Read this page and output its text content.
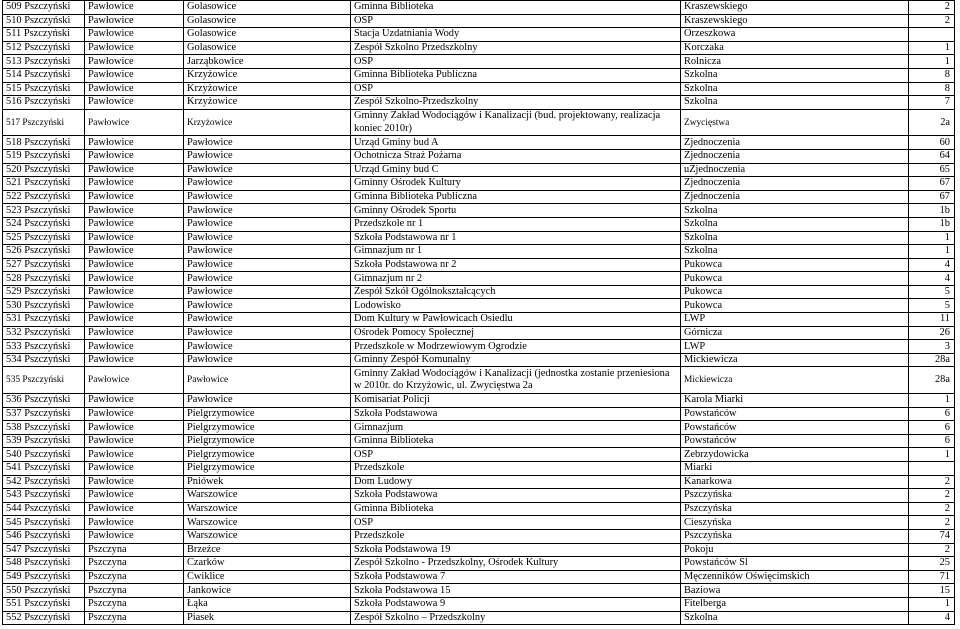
509 Pszczyński	Pawłowice	Golasowice	Gminna Biblioteka	Kraszewskiego	2
510 Pszczyński	Pawłowice	Golasowice	OSP	Kraszewskiego	2
511 Pszczyński	Pawłowice	Golasowice	Stacja Uzdatniania Wody	Orzeszkowa	
512 Pszczyński	Pawłowice	Golasowice	Zespół Szkolno Przedszkolny	Korczaka	1
513 Pszczyński	Pawłowice	Jarząbkowice	OSP	Rolnicza	1
514 Pszczyński	Pawłowice	Krzyżowice	Gminna Biblioteka Publiczna	Szkolna	8
515 Pszczyński	Pawłowice	Krzyżowice	OSP	Szkolna	8
516 Pszczyński	Pawłowice	Krzyżowice	Zespół Szkolno-Przedszkolny	Szkolna	7
517 Pszczyński	Pawłowice	Krzyżowice	Gminny Zakład Wodociągów i Kanalizacji (bud. projektowany, realizacja koniec 2010r)	Zwycięstwa	2a
518 Pszczyński	Pawłowice	Pawłowice	Urząd Gminy bud A	Zjednoczenia	60
519 Pszczyński	Pawłowice	Pawłowice	Ochotnicza Straż Pożarna	Zjednoczenia	64
520 Pszczyński	Pawłowice	Pawłowice	Urząd Gminy bud C	uZjednoczenia	65
521 Pszczyński	Pawłowice	Pawłowice	Gminny Ośrodek Kultury	Zjednoczenia	67
522 Pszczyński	Pawłowice	Pawłowice	Gminna Biblioteka Publiczna	Zjednoczenia	67
523 Pszczyński	Pawłowice	Pawłowice	Gminny Ośrodek Sportu	Szkolna	1b
524 Pszczyński	Pawłowice	Pawłowice	Przedszkole nr 1	Szkolna	1b
525 Pszczyński	Pawłowice	Pawłowice	Szkoła Podstawowa nr 1	Szkolna	1
526 Pszczyński	Pawłowice	Pawłowice	Gimnazjum nr 1	Szkolna	1
527 Pszczyński	Pawłowice	Pawłowice	Szkoła Podstawowa nr 2	Pukowca	4
528 Pszczyński	Pawłowice	Pawłowice	Gimnazjum nr 2	Pukowca	4
529 Pszczyński	Pawłowice	Pawłowice	Zespół Szkół Ogólnokształcących	Pukowca	5
530 Pszczyński	Pawłowice	Pawłowice	Lodowisko	Pukowca	5
531 Pszczyński	Pawłowice	Pawłowice	Dom Kultury w Pawłowicach Osiedlu	LWP	11
532 Pszczyński	Pawłowice	Pawłowice	Ośrodek Pomocy Społecznej	Górnicza	26
533 Pszczyński	Pawłowice	Pawłowice	Przedszkole w Modrzewiowym Ogrodzie	LWP	3
534 Pszczyński	Pawłowice	Pawłowice	Gminny Zespół Komunalny	Mickiewicza	28a
535 Pszczyński	Pawłowice	Pawłowice	Gminny Zakład Wodociągów i Kanalizacji (jednostka zostanie przeniesiona w 2010r. do Krzyżowic, ul. Zwycięstwa 2a	Mickiewicza	28a
536 Pszczyński	Pawłowice	Pawłowice	Komisariat Policji	Karola Miarki	1
537 Pszczyński	Pawłowice	Pielgrzymowice	Szkoła Podstawowa	Powstańców	6
538 Pszczyński	Pawłowice	Pielgrzymowice	Gimnazjum	Powstańców	6
539 Pszczyński	Pawłowice	Pielgrzymowice	Gminna Biblioteka	Powstańców	6
540 Pszczyński	Pawłowice	Pielgrzymowice	OSP	Zebrzydowicka	1
541 Pszczyński	Pawłowice	Pielgrzymowice	Przedszkole	Miarki	
542 Pszczyński	Pawłowice	Pniówek	Dom Ludowy	Kanarkowa	2
543 Pszczyński	Pawłowice	Warszowice	Szkoła Podstawowa	Pszczyńska	2
544 Pszczyński	Pawłowice	Warszowice	Gminna Biblioteka	Pszczyńska	2
545 Pszczyński	Pawłowice	Warszowice	OSP	Cieszyńska	2
546 Pszczyński	Pawłowice	Warszowice	Przedszkole	Pszczyńska	74
547 Pszczyński	Pszczyna	Brzeźce	Szkoła Podstawowa 19	Pokoju	2
548 Pszczyński	Pszczyna	Czarków	Zespół Szkolno - Przedszkolny, Ośrodek Kultury	Powstańców Śl	25
549 Pszczyński	Pszczyna	Ćwiklice	Szkoła Podstawowa 7	Męczenników Oświęcimskich	71
550 Pszczyński	Pszczyna	Jankowice	Szkoła Podstawowa 15	Baziowa	15
551 Pszczyński	Pszczyna	Łąka	Szkoła Podstawowa 9	Fitelberga	1
552 Pszczyński	Pszczyna	Piasek	Zespół Szkolno – Przedszkolny	Szkolna	4
